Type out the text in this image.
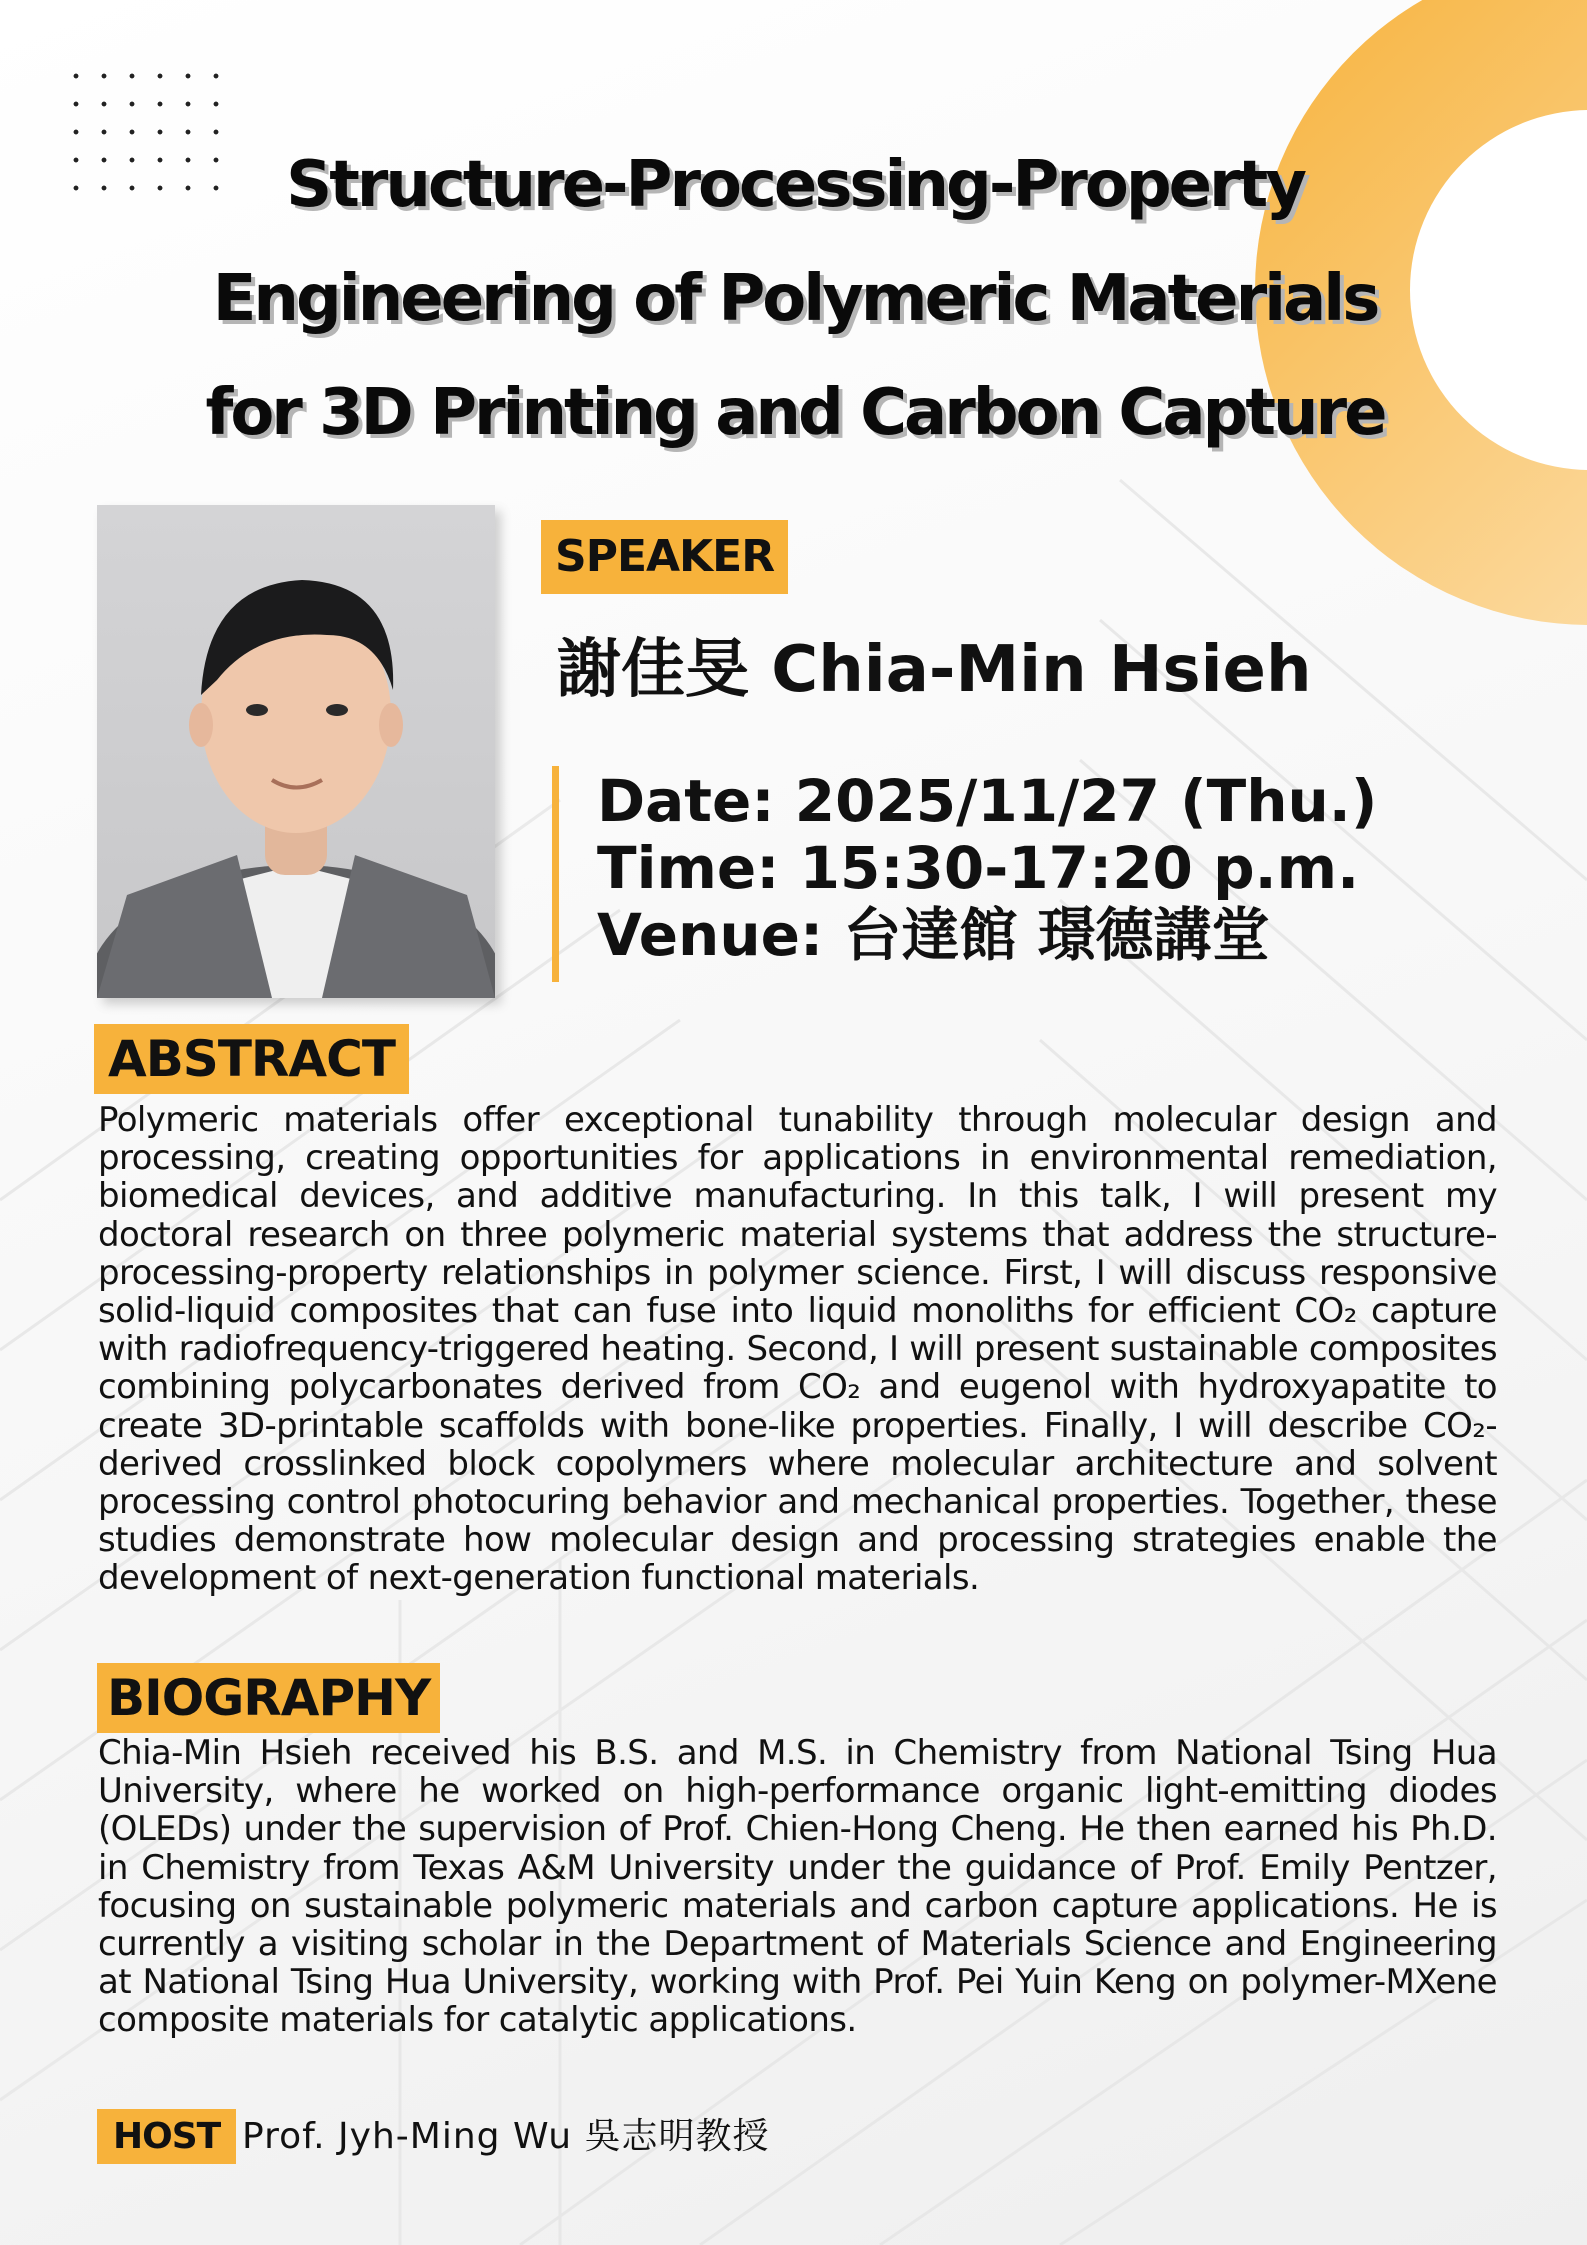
Structure-Processing-Property
Engineering of Polymeric Materials
for 3D Printing and Carbon Capture
SPEAKER
謝佳旻 Chia-Min Hsieh
Date: 2025/11/27 (Thu.)
Time: 15:30-17:20 p.m.
Venue: 台達館 璟德講堂
ABSTRACT

Polymeric materials offer exceptional tunability through molecular design and processing, creating opportunities for applications in environmental remediation, biomedical devices, and additive manufacturing. In this talk, I will present my doctoral research on three polymeric material systems that address the structure-processing-property relationships in polymer science. First, I will discuss responsive solid-liquid composites that can fuse into liquid monoliths for efficient CO₂ capture with radiofrequency-triggered heating. Second, I will present sustainable composites combining polycarbonates derived from CO₂ and eugenol with hydroxyapatite to create 3D-printable scaffolds with bone-like properties. Finally, I will describe CO₂-derived crosslinked block copolymers where molecular architecture and solvent processing control photocuring behavior and mechanical properties. Together, these studies demonstrate how molecular design and processing strategies enable the development of next-generation functional materials.

BIOGRAPHY

Chia-Min Hsieh received his B.S. and M.S. in Chemistry from National Tsing Hua University, where he worked on high-performance organic light-emitting diodes (OLEDs) under the supervision of Prof. Chien-Hong Cheng. He then earned his Ph.D. in Chemistry from Texas A&M University under the guidance of Prof. Emily Pentzer, focusing on sustainable polymeric materials and carbon capture applications. He is currently a visiting scholar in the Department of Materials Science and Engineering at National Tsing Hua University, working with Prof. Pei Yuin Keng on polymer-MXene composite materials for catalytic applications.

HOST Prof. Jyh-Ming Wu 吳志明教授
